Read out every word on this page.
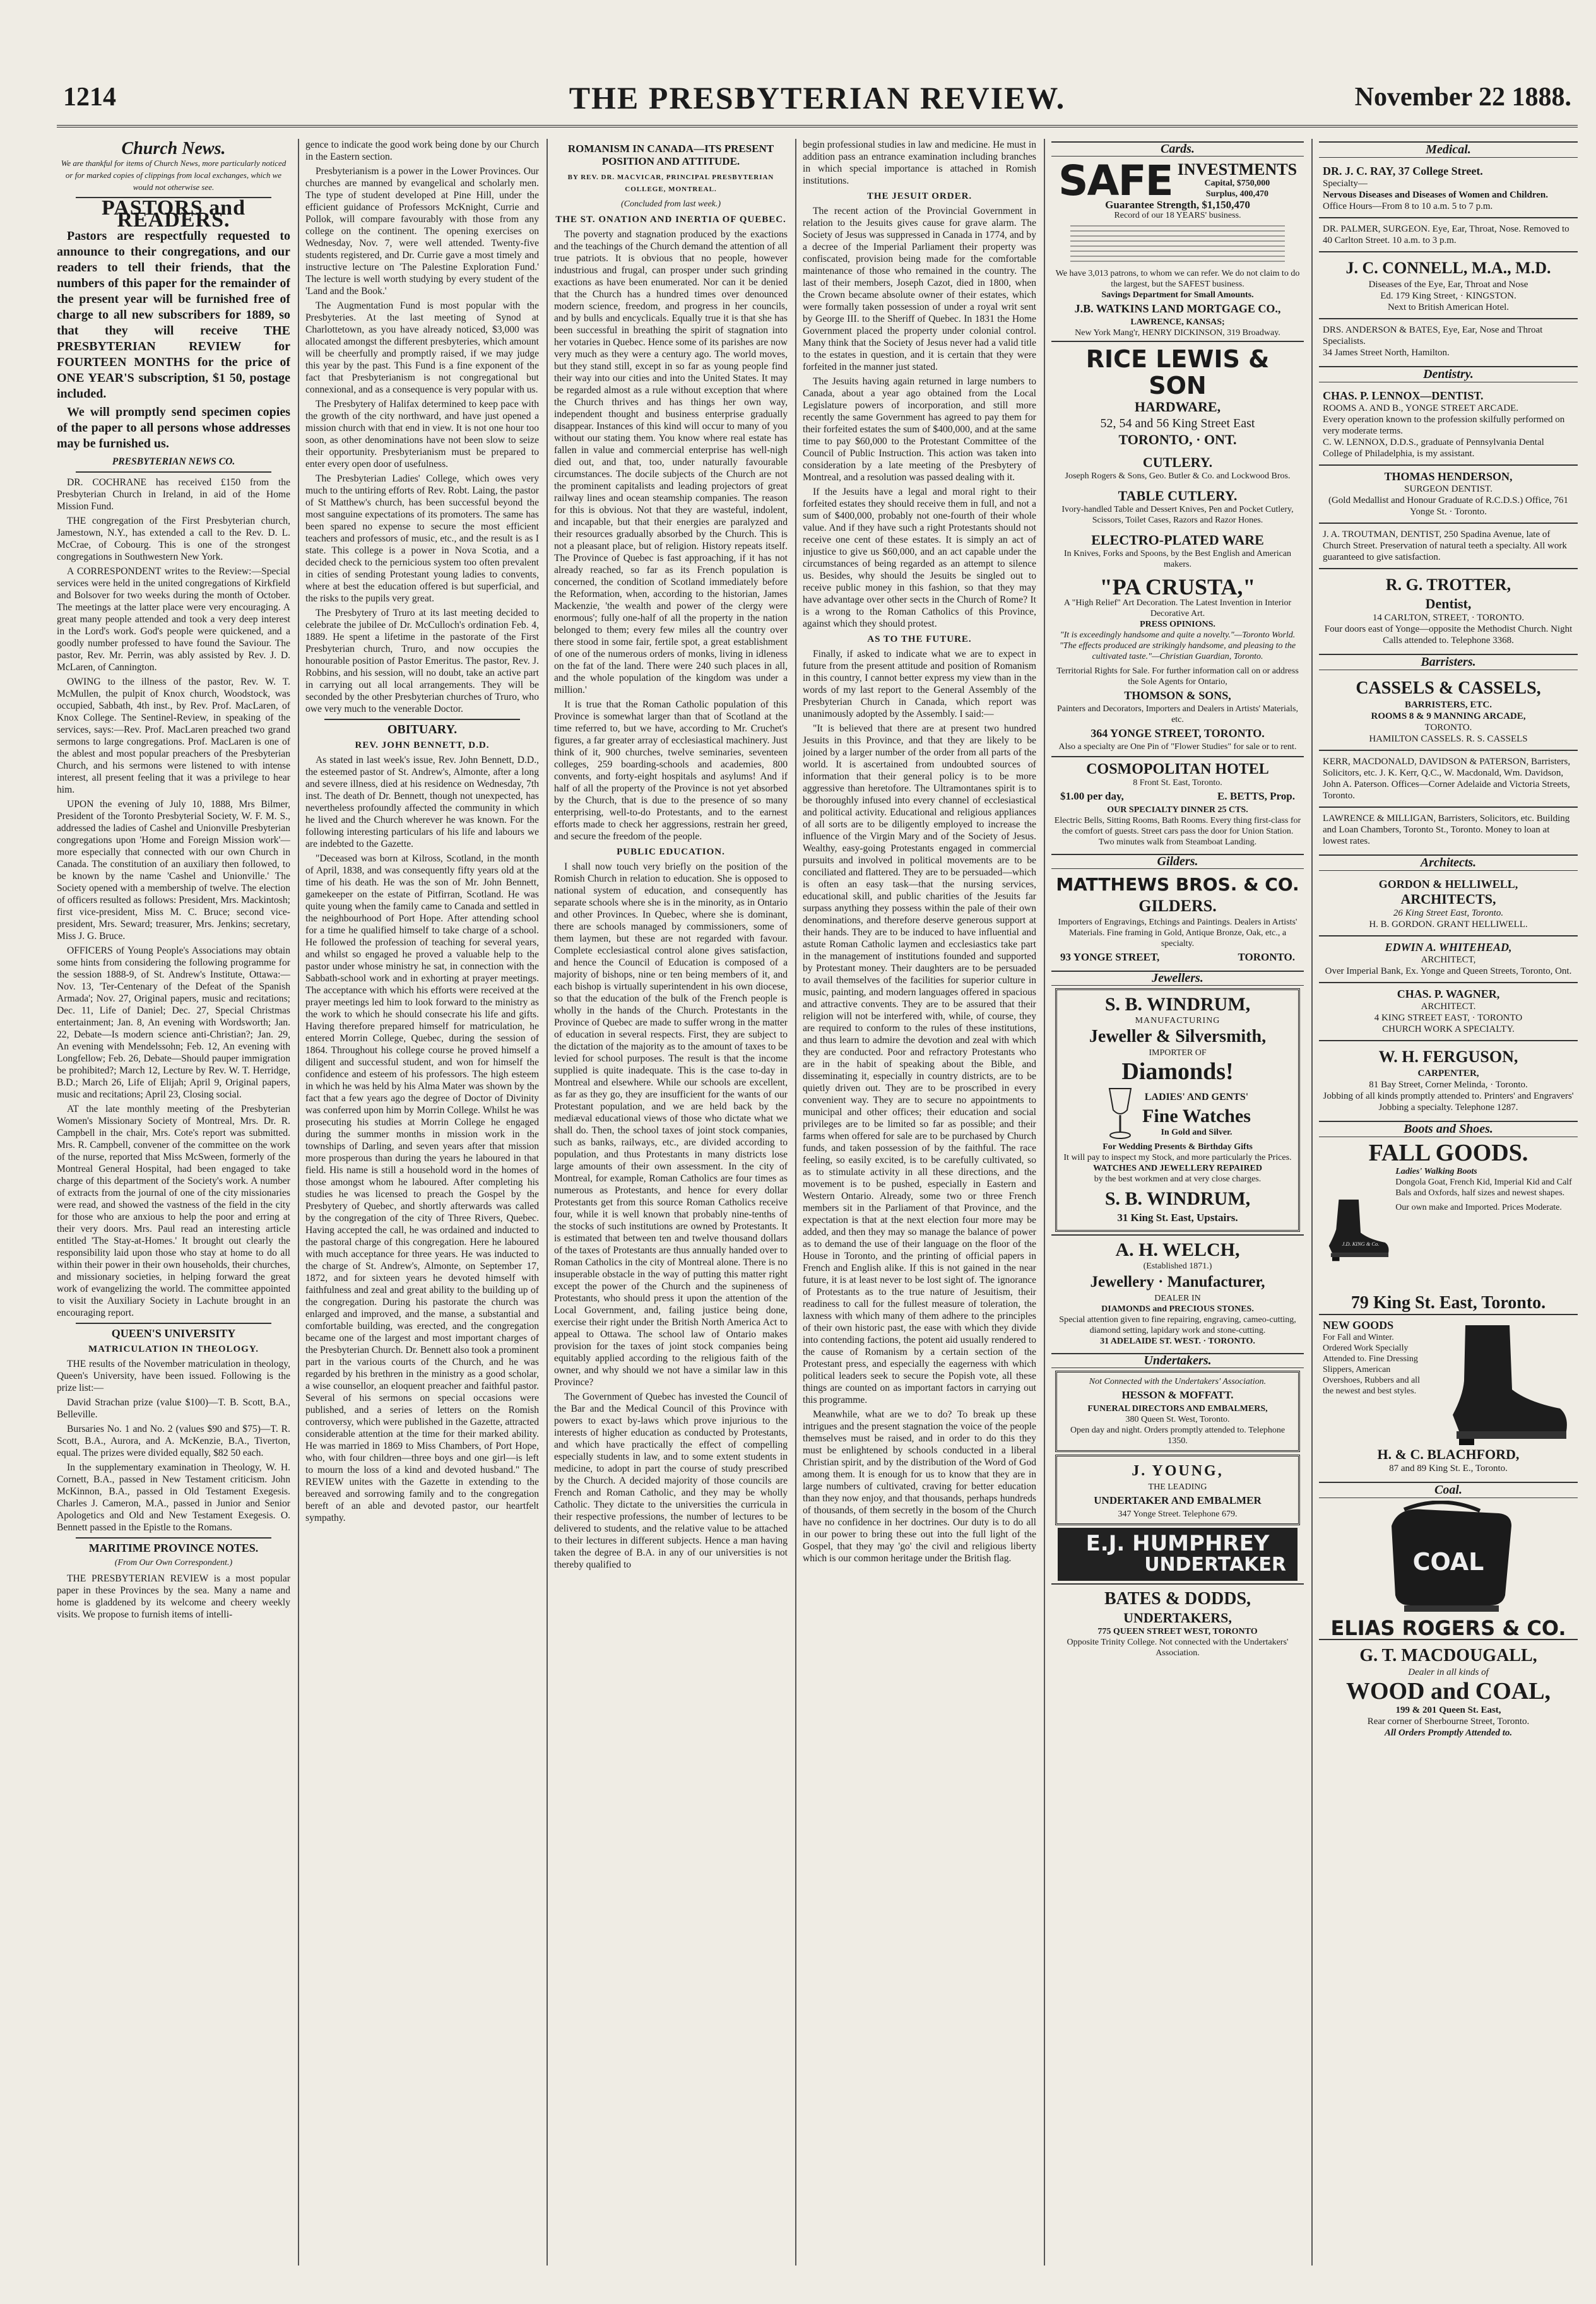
1214	THE PRESBYTERIAN REVIEW.	November 22 1888.
Church News.
We are thankful for items of Church News, more particularly noticed or for marked copies of clippings from local exchanges, which we would not otherwise see.
PASTORS and READERS.

Pastors are respectfully requested to announce to their congregations, and our readers to tell their friends, that the numbers of this paper for the remainder of the present year will be furnished free of charge to all new subscribers for 1889, so that they will receive THE PRESBYTERIAN REVIEW for FOURTEEN MONTHS for the price of ONE YEAR'S subscription, $1 50, postage included.

We will promptly send specimen copies of the paper to all persons whose addresses may be furnished us.

PRESBYTERIAN NEWS CO.

DR. COCHRANE has received £150 from the Presbyterian Church in Ireland, in aid of the Home Mission Fund.

THE congregation of the First Presbyterian church, Jamestown, N.Y., has extended a call to the Rev. D. L. McCrae, of Cobourg. This is one of the strongest congregations in Southwestern New York.

A CORRESPONDENT writes to the Review:—Special services were held in the united congregations of Kirkfield and Bolsover for two weeks during the month of October. The meetings at the latter place were very encouraging. A great many people attended and took a very deep interest in the Lord's work. God's people were quickened, and a goodly number professed to have found the Saviour. The pastor, Rev. Mr. Perrin, was ably assisted by Rev. J. D. McLaren, of Cannington.

OWING to the illness of the pastor, Rev. W. T. McMullen, the pulpit of Knox church, Woodstock, was occupied, Sabbath, 4th inst., by Rev. Prof. MacLaren, of Knox College. The Sentinel-Review, in speaking of the services, says:—Rev. Prof. MacLaren preached two grand sermons to large congregations. Prof. MacLaren is one of the ablest and most popular preachers of the Presbyterian Church, and his sermons were listened to with intense interest, all present feeling that it was a privilege to hear him.

UPON the evening of July 10, 1888, Mrs Bilmer, President of the Toronto Presbyterial Society, W. F. M. S., addressed the ladies of Cashel and Unionville Presbyterian congregations upon 'Home and Foreign Mission work'—more especially that connected with our own Church in Canada. The constitution of an auxiliary then followed, to be known by the name 'Cashel and Unionville.' The Society opened with a membership of twelve. The election of officers resulted as follows: President, Mrs. Mackintosh; first vice-president, Miss M. C. Bruce; second vice-president, Mrs. Seward; treasurer, Mrs. Jenkins; secretary, Miss J. G. Bruce.

OFFICERS of Young People's Associations may obtain some hints from considering the following programme for the session 1888-9, of St. Andrew's Institute, Ottawa:—Nov. 13, 'Ter-Centenary of the Defeat of the Spanish Armada'; Nov. 27, Original papers, music and recitations; Dec. 11, Life of Daniel; Dec. 27, Special Christmas entertainment; Jan. 8, An evening with Wordsworth; Jan. 22, Debate—Is modern science anti-Christian?; Jan. 29, An evening with Mendelssohn; Feb. 12, An evening with Longfellow; Feb. 26, Debate—Should pauper immigration be prohibited?; March 12, Lecture by Rev. W. T. Herridge, B.D.; March 26, Life of Elijah; April 9, Original papers, music and recitations; April 23, Closing social.

AT the late monthly meeting of the Presbyterian Women's Missionary Society of Montreal, Mrs. Dr. R. Campbell in the chair, Mrs. Cote's report was submitted. Mrs. R. Campbell, convener of the committee on the work of the nurse, reported that Miss McSween, formerly of the Montreal General Hospital, had been engaged to take charge of this department of the Society's work. A number of extracts from the journal of one of the city missionaries were read, and showed the vastness of the field in the city for those who are anxious to help the poor and erring at their very doors. Mrs. Paul read an interesting article entitled 'The Stay-at-Homes.' It brought out clearly the responsibility laid upon those who stay at home to do all within their power in their own households, their churches, and missionary societies, in helping forward the great work of evangelizing the world. The committee appointed to visit the Auxiliary Society in Lachute brought in an encouraging report.

QUEEN'S UNIVERSITY
MATRICULATION IN THEOLOGY.

THE results of the November matriculation in theology, Queen's University, have been issued. Following is the prize list:—

David Strachan prize (value $100)—T. B. Scott, B.A., Belleville.

Bursaries No. 1 and No. 2 (values $90 and $75)—T. R. Scott, B.A., Aurora, and A. McKenzie, B.A., Tiverton, equal. The prizes were divided equally, $82 50 each.

In the supplementary examination in Theology, W. H. Cornett, B.A., passed in New Testament criticism. John McKinnon, B.A., passed in Old Testament Exegesis. Charles J. Cameron, M.A., passed in Junior and Senior Apologetics and Old and New Testament Exegesis. O. Bennett passed in the Epistle to the Romans.

MARITIME PROVINCE NOTES.
(From Our Own Correspondent.)

THE PRESBYTERIAN REVIEW is a most popular paper in these Provinces by the sea. Many a name and home is gladdened by its welcome and cheery weekly visits. We propose to furnish items of intelli-

gence to indicate the good work being done by our Church in the Eastern section.

Presbyterianism is a power in the Lower Provinces. Our churches are manned by evangelical and scholarly men. The type of student developed at Pine Hill, under the efficient guidance of Professors McKnight, Currie and Pollok, will compare favourably with those from any college on the continent. The opening exercises on Wednesday, Nov. 7, were well attended. Twenty-five students registered, and Dr. Currie gave a most timely and instructive lecture on 'The Palestine Exploration Fund.' The lecture is well worth studying by every student of the 'Land and the Book.'

The Augmentation Fund is most popular with the Presbyteries. At the last meeting of Synod at Charlottetown, as you have already noticed, $3,000 was allocated amongst the different presbyteries, which amount will be cheerfully and promptly raised, if we may judge this year by the past. This Fund is a fine exponent of the fact that Presbyterianism is not congregational but connexional, and as a consequence is very popular with us.

The Presbytery of Halifax determined to keep pace with the growth of the city northward, and have just opened a mission church with that end in view. It is not one hour too soon, as other denominations have not been slow to seize their opportunity. Presbyterianism must be prepared to enter every open door of usefulness.

The Presbyterian Ladies' College, which owes very much to the untiring efforts of Rev. Robt. Laing, the pastor of St Matthew's church, has been successful beyond the most sanguine expectations of its promoters. The same has been spared no expense to secure the most efficient teachers and professors of music, etc., and the result is as I state. This college is a power in Nova Scotia, and a decided check to the pernicious system too often prevalent in cities of sending Protestant young ladies to convents, where at best the education offered is but superficial, and the risks to the pupils very great.

The Presbytery of Truro at its last meeting decided to celebrate the jubilee of Dr. McCulloch's ordination Feb. 4, 1889. He spent a lifetime in the pastorate of the First Presbyterian church, Truro, and now occupies the honourable position of Pastor Emeritus. The pastor, Rev. J. Robbins, and his session, will no doubt, take an active part in carrying out all local arrangements. They will be seconded by the other Presbyterian churches of Truro, who owe very much to the venerable Doctor.

OBITUARY.
REV. JOHN BENNETT, D.D.

As stated in last week's issue, Rev. John Bennett, D.D., the esteemed pastor of St. Andrew's, Almonte, after a long and severe illness, died at his residence on Wednesday, 7th inst. The death of Dr. Bennett, though not unexpected, has nevertheless profoundly affected the community in which he lived and the Church wherever he was known. For the following interesting particulars of his life and labours we are indebted to the Gazette.

"Deceased was born at Kilross, Scotland, in the month of April, 1838, and was consequently fifty years old at the time of his death. He was the son of Mr. John Bennett, gamekeeper on the estate of Pitfirran, Scotland. He was quite young when the family came to Canada and settled in the neighbourhood of Port Hope. After attending school for a time he qualified himself to take charge of a school. He followed the profession of teaching for several years, and whilst so engaged he proved a valuable help to the pastor under whose ministry he sat, in connection with the Sabbath-school work and in exhorting at prayer meetings. The acceptance with which his efforts were received at the prayer meetings led him to look forward to the ministry as the work to which he should consecrate his life and gifts. Having therefore prepared himself for matriculation, he entered Morrin College, Quebec, during the session of 1864. Throughout his college course he proved himself a diligent and successful student, and won for himself the confidence and esteem of his professors. The high esteem in which he was held by his Alma Mater was shown by the fact that a few years ago the degree of Doctor of Divinity was conferred upon him by Morrin College. Whilst he was prosecuting his studies at Morrin College he engaged during the summer months in mission work in the townships of Darling, and seven years after that mission more prosperous than during the years he laboured in that field. His name is still a household word in the homes of those amongst whom he laboured. After completing his studies he was licensed to preach the Gospel by the Presbytery of Quebec, and shortly afterwards was called by the congregation of the city of Three Rivers, Quebec. Having accepted the call, he was ordained and inducted to the pastoral charge of this congregation. Here he laboured with much acceptance for three years. He was inducted to the charge of St. Andrew's, Almonte, on September 17, 1872, and for sixteen years he devoted himself with faithfulness and zeal and great ability to the building up of the congregation. During his pastorate the church was enlarged and improved, and the manse, a substantial and comfortable building, was erected, and the congregation became one of the largest and most important charges of the Presbyterian Church. Dr. Bennett also took a prominent part in the various courts of the Church, and he was regarded by his brethren in the ministry as a good scholar, a wise counsellor, an eloquent preacher and faithful pastor. Several of his sermons on special occasions were published, and a series of letters on the Romish controversy, which were published in the Gazette, attracted considerable attention at the time for their marked ability. He was married in 1869 to Miss Chambers, of Port Hope, who, with four children—three boys and one girl—is left to mourn the loss of a kind and devoted husband." The REVIEW unites with the Gazette in extending to the bereaved and sorrowing family and to the congregation bereft of an able and devoted pastor, our heartfelt sympathy.

ROMANISM IN CANADA—ITS PRESENT POSITION AND ATTITUDE.
BY REV. DR. MACVICAR, PRINCIPAL PRESBYTERIAN COLLEGE, MONTREAL.
(Concluded from last week.)
THE ST. ONATION AND INERTIA OF QUEBEC.

The poverty and stagnation produced by the exactions and the teachings of the Church demand the attention of all true patriots. It is obvious that no people, however industrious and frugal, can prosper under such grinding exactions as have been enumerated. Nor can it be denied that the Church has a hundred times over denounced modern science, freedom, and progress in her councils, and by bulls and encyclicals. Equally true it is that she has been successful in breathing the spirit of stagnation into her votaries in Quebec. Hence some of its parishes are now very much as they were a century ago. The world moves, but they stand still, except in so far as young people find their way into our cities and into the United States. It may be regarded almost as a rule without exception that where the Church thrives and has things her own way, independent thought and business enterprise gradually disappear. Instances of this kind will occur to many of you without our stating them. You know where real estate has fallen in value and commercial enterprise has well-nigh died out, and that, too, under naturally favourable circumstances. The docile subjects of the Church are not the prominent capitalists and leading projectors of great railway lines and ocean steamship companies. The reason for this is obvious. Not that they are wasteful, indolent, and incapable, but that their energies are paralyzed and their resources gradually absorbed by the Church. This is not a pleasant place, but of religion. History repeats itself. The Province of Quebec is fast approaching, if it has not already reached, so far as its French population is concerned, the condition of Scotland immediately before the Reformation, when, according to the historian, James Mackenzie, 'the wealth and power of the clergy were enormous'; fully one-half of all the property in the nation belonged to them; every few miles all the country over there stood in some fair, fertile spot, a great establishment of one of the numerous orders of monks, living in idleness on the fat of the land. There were 240 such places in all, and the whole population of the kingdom was under a million.'

It is true that the Roman Catholic population of this Province is somewhat larger than that of Scotland at the time referred to, but we have, according to Mr. Cruchet's figures, a far greater array of ecclesiastical machinery. Just think of it, 900 churches, twelve seminaries, seventeen colleges, 259 boarding-schools and academies, 800 convents, and forty-eight hospitals and asylums! And if half of all the property of the Province is not yet absorbed by the Church, that is due to the presence of so many enterprising, well-to-do Protestants, and to the earnest efforts made to check her aggressions, restrain her greed, and secure the freedom of the people.

PUBLIC EDUCATION.

I shall now touch very briefly on the position of the Romish Church in relation to education. She is opposed to national system of education, and consequently has separate schools where she is in the minority, as in Ontario and other Provinces. In Quebec, where she is dominant, there are schools managed by commissioners, some of them laymen, but these are not regarded with favour. Complete ecclesiastical control alone gives satisfaction, and hence the Council of Education is composed of a majority of bishops, nine or ten being members of it, and each bishop is virtually superintendent in his own diocese, so that the education of the bulk of the French people is wholly in the hands of the Church. Protestants in the Province of Quebec are made to suffer wrong in the matter of education in several respects. First, they are subject to the dictation of the majority as to the amount of taxes to be levied for school purposes. The result is that the income supplied is quite inadequate. This is the case to-day in Montreal and elsewhere. While our schools are excellent, as far as they go, they are insufficient for the wants of our Protestant population, and we are held back by the mediæval educational views of those who dictate what we shall do. Then, the school taxes of joint stock companies, such as banks, railways, etc., are divided according to population, and thus Protestants in many districts lose large amounts of their own assessment. In the city of Montreal, for example, Roman Catholics are four times as numerous as Protestants, and hence for every dollar Protestants get from this source Roman Catholics receive four, while it is well known that probably nine-tenths of the stocks of such institutions are owned by Protestants. It is estimated that between ten and twelve thousand dollars of the taxes of Protestants are thus annually handed over to Roman Catholics in the city of Montreal alone. There is no insuperable obstacle in the way of putting this matter right except the power of the Church and the supineness of Protestants, who should press it upon the attention of the Local Government, and, failing justice being done, exercise their right under the British North America Act to appeal to Ottawa. The school law of Ontario makes provision for the taxes of joint stock companies being equitably applied according to the religious faith of the owner, and why should we not have a similar law in this Province?

The Government of Quebec has invested the Council of the Bar and the Medical Council of this Province with powers to exact by-laws which prove injurious to the interests of higher education as conducted by Protestants, and which have practically the effect of compelling especially students in law, and to some extent students in medicine, to adopt in part the course of study prescribed by the Church. A decided majority of those councils are French and Roman Catholic, and they may be wholly Catholic. They dictate to the universities the curricula in their respective professions, the number of lectures to be delivered to students, and the relative value to be attached to their lectures in different subjects. Hence a man having taken the degree of B.A. in any of our universities is not thereby qualified to

begin professional studies in law and medicine. He must in addition pass an entrance examination including branches in which special importance is attached in Romish institutions.

THE JESUIT ORDER.

The recent action of the Provincial Government in relation to the Jesuits gives cause for grave alarm. The Society of Jesus was suppressed in Canada in 1774, and by a decree of the Imperial Parliament their property was confiscated, provision being made for the comfortable maintenance of those who remained in the country. The last of their members, Joseph Cazot, died in 1800, when the Crown became absolute owner of their estates, which were formally taken possession of under a royal writ sent by George III. to the Sheriff of Quebec. In 1831 the Home Government placed the property under colonial control. Many think that the Society of Jesus never had a valid title to the estates in question, and it is certain that they were forfeited in the manner just stated.

The Jesuits having again returned in large numbers to Canada, about a year ago obtained from the Local Legislature powers of incorporation, and still more recently the same Government has agreed to pay them for their forfeited estates the sum of $400,000, and at the same time to pay $60,000 to the Protestant Committee of the Council of Public Instruction. This action was taken into consideration by a late meeting of the Presbytery of Montreal, and a resolution was passed dealing with it.

If the Jesuits have a legal and moral right to their forfeited estates they should receive them in full, and not a sum of $400,000, probably not one-fourth of their whole value. And if they have such a right Protestants should not receive one cent of these estates. It is simply an act of injustice to give us $60,000, and an act capable under the circumstances of being regarded as an attempt to silence us. Besides, why should the Jesuits be singled out to receive public money in this fashion, so that they may have advantage over other sects in the Church of Rome? It is a wrong to the Roman Catholics of this Province, against which they should protest.

AS TO THE FUTURE.

Finally, if asked to indicate what we are to expect in future from the present attitude and position of Romanism in this country, I cannot better express my view than in the words of my last report to the General Assembly of the Presbyterian Church in Canada, which report was unanimously adopted by the Assembly. I said:—

"It is believed that there are at present two hundred Jesuits in this Province, and that they are likely to be joined by a larger number of the order from all parts of the world. It is ascertained from undoubted sources of information that their general policy is to be more aggressive than heretofore. The Ultramontanes spirit is to be thoroughly infused into every channel of ecclesiastical and political activity. Educational and religious appliances of all sorts are to be diligently employed to increase the influence of the Virgin Mary and of the Society of Jesus. Wealthy, easy-going Protestants engaged in commercial pursuits and involved in political movements are to be conciliated and flattered. They are to be persuaded—which is often an easy task—that the nursing services, educational skill, and public charities of the Jesuits far surpass anything they possess within the pale of their own denominations, and therefore deserve generous support at their hands. They are to be induced to have influential and astute Roman Catholic laymen and ecclesiastics take part in the management of institutions founded and supported by Protestant money. Their daughters are to be persuaded to avail themselves of the facilities for superior culture in music, painting, and modern languages offered in spacious and attractive convents. They are to be assured that their religion will not be interfered with, while, of course, they are required to conform to the rules of these institutions, and thus learn to admire the devotion and zeal with which they are conducted. Poor and refractory Protestants who are in the habit of speaking about the Bible, and disseminating it, especially in country districts, are to be quietly driven out. They are to be proscribed in every convenient way. They are to secure no appointments to municipal and other offices; their education and social privileges are to be limited so far as possible; and their farms when offered for sale are to be purchased by Church funds, and taken possession of by the faithful. The race feeling, so easily excited, is to be carefully cultivated, so as to stimulate activity in all these directions, and the movement is to be pushed, especially in Eastern and Western Ontario. Already, some two or three French members sit in the Parliament of that Province, and the expectation is that at the next election four more may be added, and then they may so manage the balance of power as to demand the use of their language on the floor of the House in Toronto, and the printing of official papers in French and English alike. If this is not gained in the near future, it is at least never to be lost sight of. The ignorance of Protestants as to the true nature of Jesuitism, their readiness to call for the fullest measure of toleration, the laxness with which many of them adhere to the principles of their own historic past, the ease with which they divide into contending factions, the potent aid usually rendered to the cause of Romanism by a certain section of the Protestant press, and especially the eagerness with which political leaders seek to secure the Popish vote, all these things are counted on as important factors in carrying out this programme.

Meanwhile, what are we to do? To break up these intrigues and the present stagnation the voice of the people themselves must be raised, and in order to do this they must be enlightened by schools conducted in a liberal Christian spirit, and by the distribution of the Word of God among them. It is enough for us to know that they are in large numbers of cultivated, craving for better education than they now enjoy, and that thousands, perhaps hundreds of thousands, of them secretly in the bosom of the Church have no confidence in her doctrines. Our duty is to do all in our power to bring these out into the full light of the Gospel, that they may 'go' the civil and religious liberty which is our common heritage under the British flag.

Cards.
SAFE INVESTMENTS
Capital, $750,000
Surplus, 400,470
Guarantee Strength, $1,150,470
Record of our 18 YEARS' business.
We have 3,013 patrons, to whom we can refer. We do not claim to do the largest, but the SAFEST business.
Savings Department for Small Amounts.
J.B. WATKINS LAND MORTGAGE CO.,
LAWRENCE, KANSAS;
New York Mang'r, HENRY DICKINSON, 319 Broadway.
RICE LEWIS & SON
HARDWARE,
52, 54 and 56 King Street East
TORONTO, · ONT.
CUTLERY.
Joseph Rogers & Sons, Geo. Butler & Co. and Lockwood Bros.
TABLE CUTLERY.
Ivory-handled Table and Dessert Knives, Pen and Pocket Cutlery, Scissors, Toilet Cases, Razors and Razor Hones.
ELECTRO-PLATED WARE
In Knives, Forks and Spoons, by the Best English and American makers.
"PA CRUSTA,"
A "High Relief" Art Decoration. The Latest Invention in Interior Decorative Art.
PRESS OPINIONS.
"It is exceedingly handsome and quite a novelty."—Toronto World.
"The effects produced are strikingly handsome, and pleasing to the cultivated taste."—Christian Guardian, Toronto.
Territorial Rights for Sale. For further information call on or address the Sole Agents for Ontario,
THOMSON & SONS,
Painters and Decorators, Importers and Dealers in Artists' Materials, etc.
364 YONGE STREET, TORONTO.
Also a specialty are One Pin of "Flower Studies" for sale or to rent.
COSMOPOLITAN HOTEL
8 Front St. East, Toronto.
$1.00 per day,	E. BETTS, Prop.
OUR SPECIALTY DINNER 25 CTS.
Electric Bells, Sitting Rooms, Bath Rooms. Every thing first-class for the comfort of guests. Street cars pass the door for Union Station. Two minutes walk from Steamboat Landing.
Gilders.
MATTHEWS BROS. & CO.
GILDERS.
Importers of Engravings, Etchings and Paintings. Dealers in Artists' Materials. Fine framing in Gold, Antique Bronze, Oak, etc., a specialty.
93 YONGE STREET,	TORONTO.
Jewellers.
S. B. WINDRUM,
MANUFACTURING
Jeweller & Silversmith,
IMPORTER OF
Diamonds!
LADIES' AND GENTS'
Fine Watches
In Gold and Silver.
For Wedding Presents & Birthday Gifts
It will pay to inspect my Stock, and more particularly the Prices.
WATCHES AND JEWELLERY REPAIRED
by the best workmen and at very close charges.
S. B. WINDRUM,
31 King St. East, Upstairs.
A. H. WELCH,
(Established 1871.)
Jewellery · Manufacturer,
DEALER IN
DIAMONDS and PRECIOUS STONES.
Special attention given to fine repairing, engraving, cameo-cutting, diamond setting, lapidary work and stone-cutting.
31 ADELAIDE ST. WEST. · TORONTO.
Undertakers.
Not Connected with the Undertakers' Association.
HESSON & MOFFATT.
FUNERAL DIRECTORS AND EMBALMERS,
380 Queen St. West, Toronto.
Open day and night. Orders promptly attended to. Telephone 1350.
J. YOUNG,
THE LEADING
UNDERTAKER AND EMBALMER
347 Yonge Street. Telephone 679.
E.J. HUMPHREY
UNDERTAKER
BATES & DODDS,
UNDERTAKERS,
775 QUEEN STREET WEST, TORONTO
Opposite Trinity College. Not connected with the Undertakers' Association.
Medical.
DR. J. C. RAY, 37 College Street.
Specialty—
Nervous Diseases and Diseases of Women and Children.
Office Hours—From 8 to 10 a.m. 5 to 7 p.m.
DR. PALMER, SURGEON. Eye, Ear, Throat, Nose. Removed to 40 Carlton Street. 10 a.m. to 3 p.m.
J. C. CONNELL, M.A., M.D.
Diseases of the Eye, Ear, Throat and Nose
Ed. 179 King Street, · KINGSTON.
Next to British American Hotel.
DRS. ANDERSON & BATES, Eye, Ear, Nose and Throat Specialists.
34 James Street North, Hamilton.
Dentistry.
CHAS. P. LENNOX—DENTIST.
ROOMS A. AND B., YONGE STREET ARCADE.
Every operation known to the profession skilfully performed on very moderate terms.
C. W. LENNOX, D.D.S., graduate of Pennsylvania Dental College of Philadelphia, is my assistant.
THOMAS HENDERSON,
SURGEON DENTIST.
(Gold Medallist and Honour Graduate of R.C.D.S.) Office, 761 Yonge St. · Toronto.
J. A. TROUTMAN, DENTIST, 250 Spadina Avenue, late of Church Street. Preservation of natural teeth a specialty. All work guaranteed to give satisfaction.
R. G. TROTTER,
Dentist,
14 CARLTON, STREET, · TORONTO.
Four doors east of Yonge—opposite the Methodist Church. Night Calls attended to. Telephone 3368.
Barristers.
CASSELS & CASSELS,
BARRISTERS, ETC.
ROOMS 8 & 9 MANNING ARCADE,
TORONTO.
HAMILTON CASSELS. R. S. CASSELS
KERR, MACDONALD, DAVIDSON & PATERSON, Barristers, Solicitors, etc. J. K. Kerr, Q.C., W. Macdonald, Wm. Davidson, John A. Paterson. Offices—Corner Adelaide and Victoria Streets, Toronto.
LAWRENCE & MILLIGAN, Barristers, Solicitors, etc. Building and Loan Chambers, Toronto St., Toronto. Money to loan at lowest rates.
Architects.
GORDON & HELLIWELL,
ARCHITECTS,
26 King Street East, Toronto.
H. B. GORDON. GRANT HELLIWELL.
EDWIN A. WHITEHEAD,
ARCHITECT,
Over Imperial Bank, Ex. Yonge and Queen Streets, Toronto, Ont.
CHAS. P. WAGNER,
ARCHITECT.
4 KING STREET EAST, · TORONTO
CHURCH WORK A SPECIALTY.
W. H. FERGUSON,
CARPENTER,
81 Bay Street, Corner Melinda, · Toronto.
Jobbing of all kinds promptly attended to. Printers' and Engravers' Jobbing a specialty. Telephone 1287.
Boots and Shoes.
FALL GOODS.
J.D. KING & Co.
Ladies' Walking Boots
Dongola Goat, French Kid, Imperial Kid and Calf Bals and Oxfords, half sizes and newest shapes.
Our own make and Imported. Prices Moderate.
79 King St. East, Toronto.
NEW GOODS
For Fall and Winter. Ordered Work Specially Attended to. Fine Dressing Slippers, American Overshoes, Rubbers and all the newest and best styles.
H. & C. BLACHFORD,
87 and 89 King St. E., Toronto.
Coal.
COAL
ELIAS ROGERS & CO.
G. T. MACDOUGALL,
Dealer in all kinds of
WOOD and COAL,
199 & 201 Queen St. East,
Rear corner of Sherbourne Street, Toronto.
All Orders Promptly Attended to.
